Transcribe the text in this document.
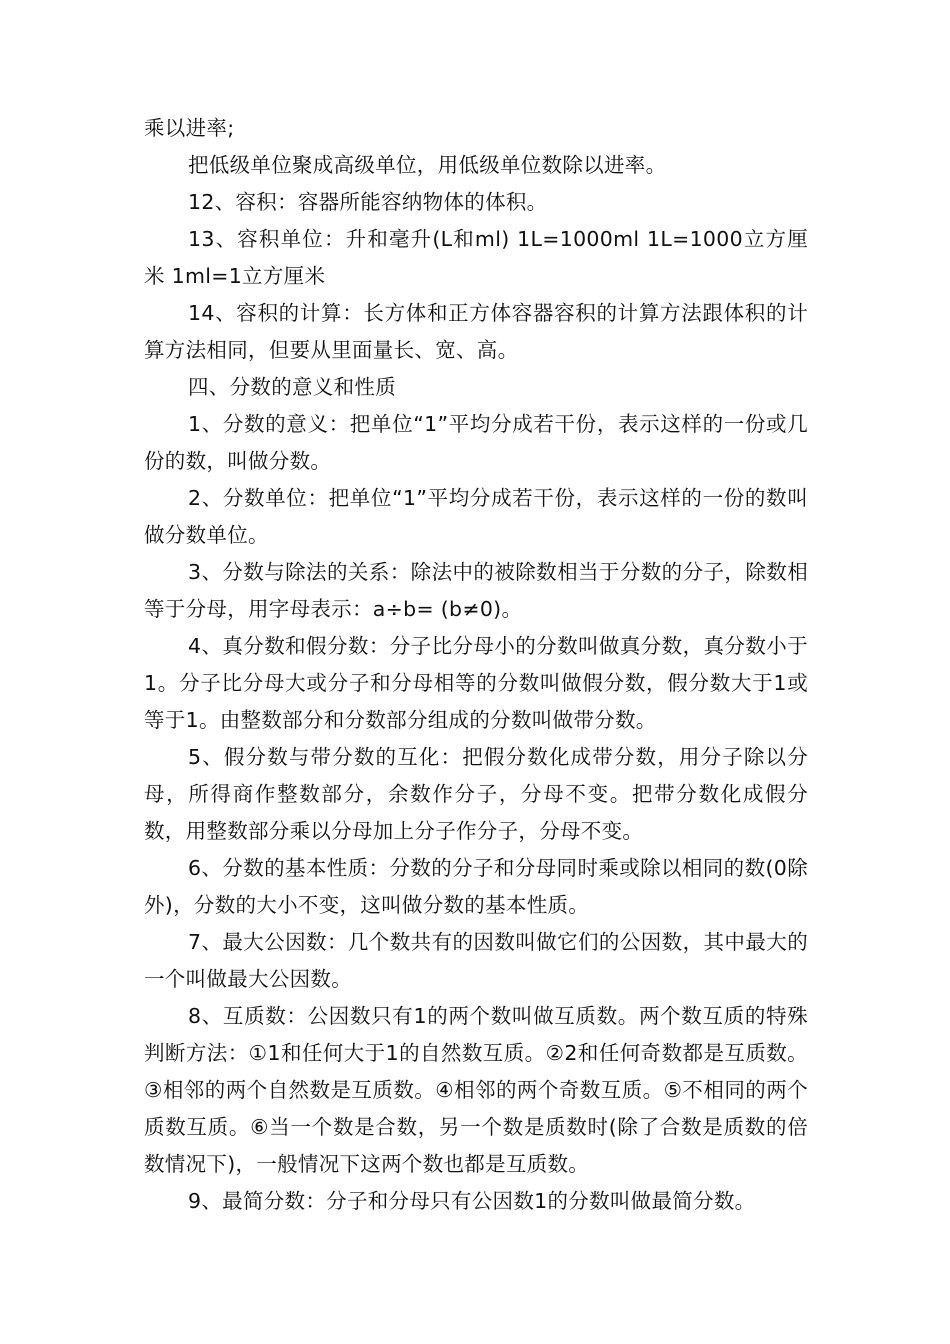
乘以进率;

把低级单位聚成高级单位，用低级单位数除以进率。

12、容积：容器所能容纳物体的体积。

13、容积单位：升和毫升(L和ml) 1L=1000ml 1L=1000立方厘米 1ml=1立方厘米

14、容积的计算：长方体和正方体容器容积的计算方法跟体积的计算方法相同，但要从里面量长、宽、高。

四、分数的意义和性质

1、分数的意义：把单位“1”平均分成若干份，表示这样的一份或几份的数，叫做分数。

2、分数单位：把单位“1”平均分成若干份，表示这样的一份的数叫做分数单位。

3、分数与除法的关系：除法中的被除数相当于分数的分子，除数相等于分母，用字母表示：a÷b= (b≠0)。

4、真分数和假分数：分子比分母小的分数叫做真分数，真分数小于1。分子比分母大或分子和分母相等的分数叫做假分数，假分数大于1或等于1。由整数部分和分数部分组成的分数叫做带分数。

5、假分数与带分数的互化：把假分数化成带分数，用分子除以分母，所得商作整数部分，余数作分子，分母不变。把带分数化成假分数，用整数部分乘以分母加上分子作分子，分母不变。

6、分数的基本性质：分数的分子和分母同时乘或除以相同的数(0除外)，分数的大小不变，这叫做分数的基本性质。

7、最大公因数：几个数共有的因数叫做它们的公因数，其中最大的一个叫做最大公因数。

8、互质数：公因数只有1的两个数叫做互质数。两个数互质的特殊判断方法：①1和任何大于1的自然数互质。②2和任何奇数都是互质数。③相邻的两个自然数是互质数。④相邻的两个奇数互质。⑤不相同的两个质数互质。⑥当一个数是合数，另一个数是质数时(除了合数是质数的倍数情况下)，一般情况下这两个数也都是互质数。

9、最简分数：分子和分母只有公因数1的分数叫做最简分数。
